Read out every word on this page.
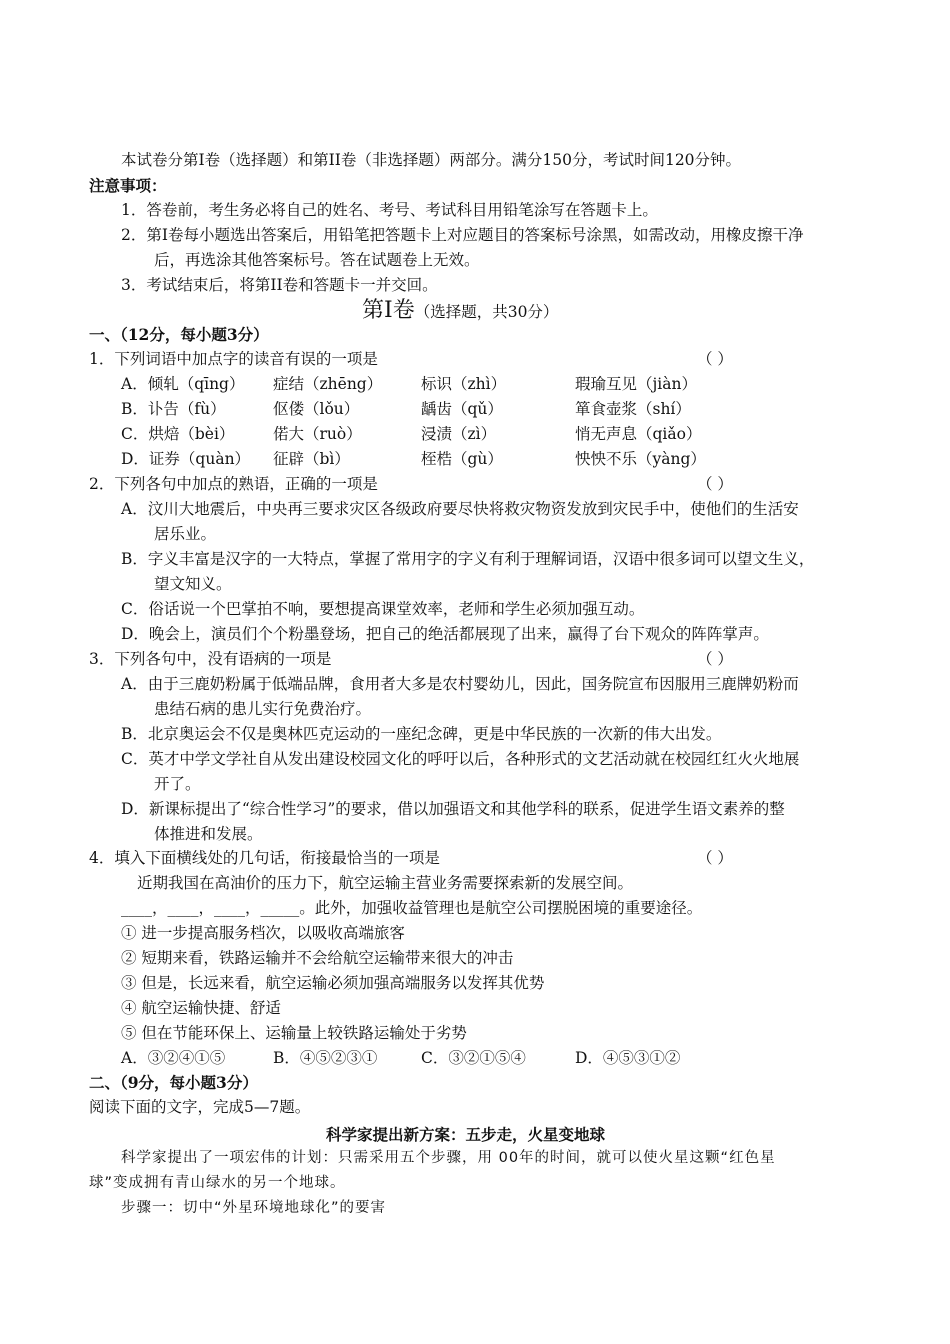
本试卷分第I卷（选择题）和第II卷（非选择题）两部分。满分150分，考试时间120分钟。
注意事项：
1．答卷前，考生务必将自己的姓名、考号、考试科目用铅笔涂写在答题卡上。
2．第I卷每小题选出答案后，用铅笔把答题卡上对应题目的答案标号涂黑，如需改动，用橡皮擦干净
后，再选涂其他答案标号。答在试题卷上无效。
3．考试结束后，将第II卷和答题卡一并交回。
第Ⅰ卷（选择题，共30分）
一、（12分，每小题3分）
1．下列词语中加点字的读音有误的一项是	（ ）
A．倾轧（qīng） 症结（zhēng）	标识（zhì）	瑕瑜互见（jiàn）
B．讣告（fù）	伛偻（lǒu）	龋齿（qǔ）	箪食壶浆（shí）
C．烘焙（bèi） 偌大（ruò）	浸渍（zì）	悄无声息（qiǎo）
D．证券（quàn） 征辟（bì）	桎梏（gù）	怏怏不乐（yàng）
2．下列各句中加点的熟语，正确的一项是	（ ）
A．汶川大地震后，中央再三要求灾区各级政府要尽快将救灾物资发放到灾民手中，使他们的生活安
居乐业。
B．字义丰富是汉字的一大特点，掌握了常用字的字义有利于理解词语，汉语中很多词可以望文生义，
望文知义。
C．俗话说一个巴掌拍不响，要想提高课堂效率，老师和学生必须加强互动。
D．晚会上，演员们个个粉墨登场，把自己的绝活都展现了出来，赢得了台下观众的阵阵掌声。
3．下列各句中，没有语病的一项是	（ ）
A．由于三鹿奶粉属于低端品牌，食用者大多是农村婴幼儿，因此，国务院宣布因服用三鹿牌奶粉而
患结石病的患儿实行免费治疗。
B．北京奥运会不仅是奥林匹克运动的一座纪念碑，更是中华民族的一次新的伟大出发。
C．英才中学文学社自从发出建设校园文化的呼吁以后，各种形式的文艺活动就在校园红红火火地展
开了。
D．新课标提出了“综合性学习”的要求，借以加强语文和其他学科的联系，促进学生语文素养的整
体推进和发展。
4．填入下面横线处的几句话，衔接最恰当的一项是	（ ）
近期我国在高油价的压力下，航空运输主营业务需要探索新的发展空间。
____，____，____，_____。此外，加强收益管理也是航空公司摆脱困境的重要途径。
① 进一步提高服务档次，以吸收高端旅客
② 短期来看，铁路运输并不会给航空运输带来很大的冲击
③ 但是，长远来看，航空运输必须加强高端服务以发挥其优势
④ 航空运输快捷、舒适
⑤ 但在节能环保上、运输量上较铁路运输处于劣势
A．③②④①⑤	B．④⑤②③①	C．③②①⑤④	D．④⑤③①②
二、（9分，每小题3分）
阅读下面的文字，完成5—7题。
科学家提出新方案：五步走，火星变地球
科学家提出了一项宏伟的计划：只需采用五个步骤，用 00年的时间，就可以使火星这颗“红色星
球”变成拥有青山绿水的另一个地球。
步骤一：切中“外星环境地球化”的要害
